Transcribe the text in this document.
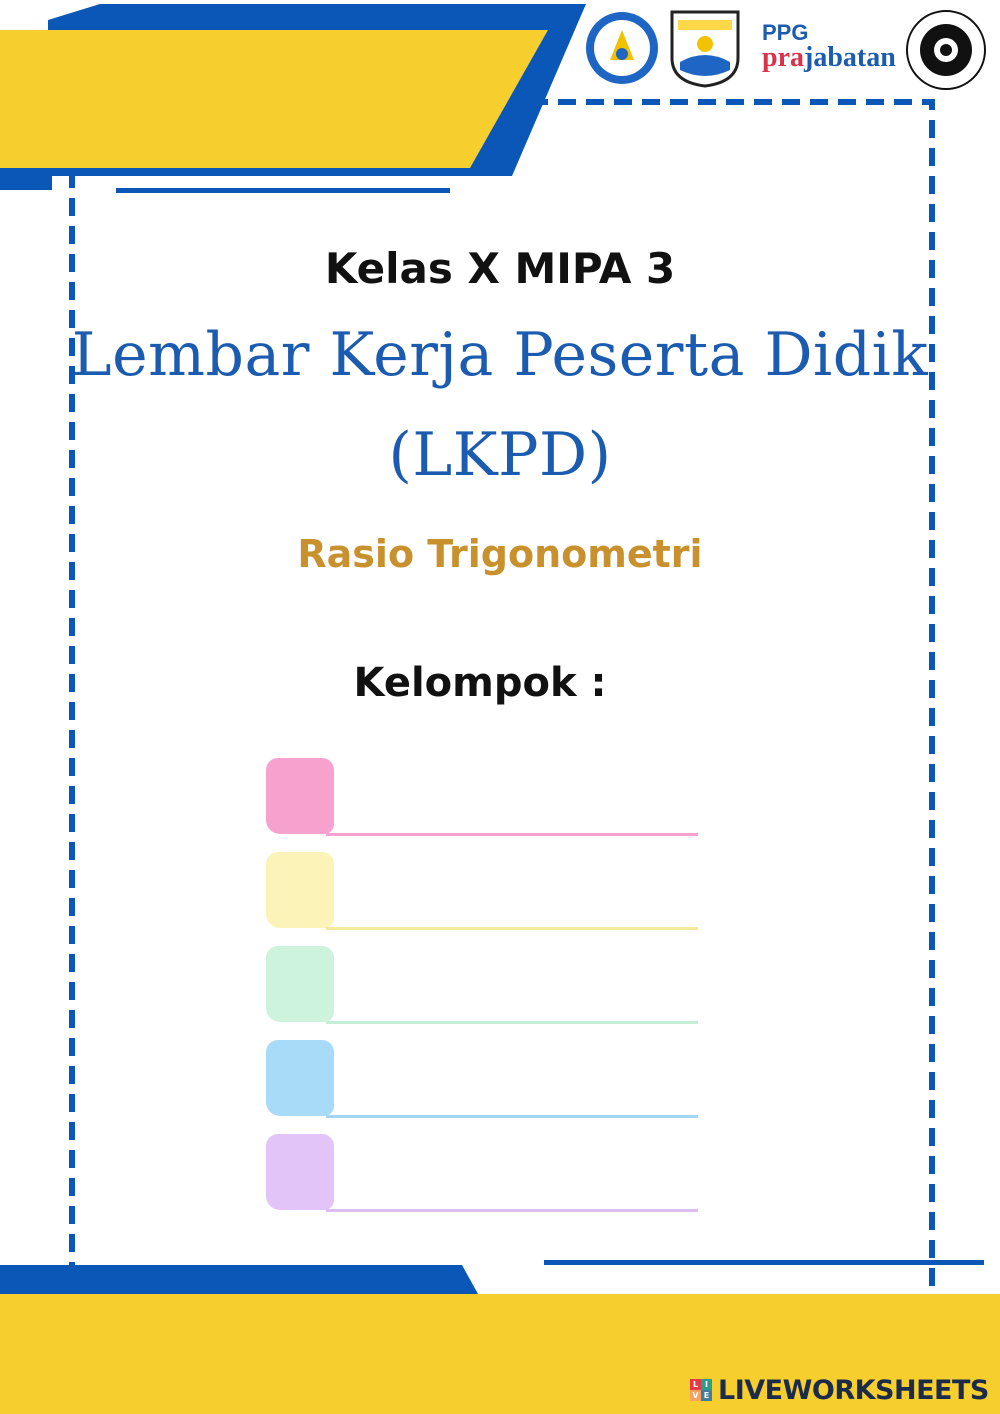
PPG
prajabatan
Kelas X MIPA 3
Lembar Kerja Peserta Didik
(LKPD)
Rasio Trigonometri
Kelompok :
L I
V E LIVEWORKSHEETS
